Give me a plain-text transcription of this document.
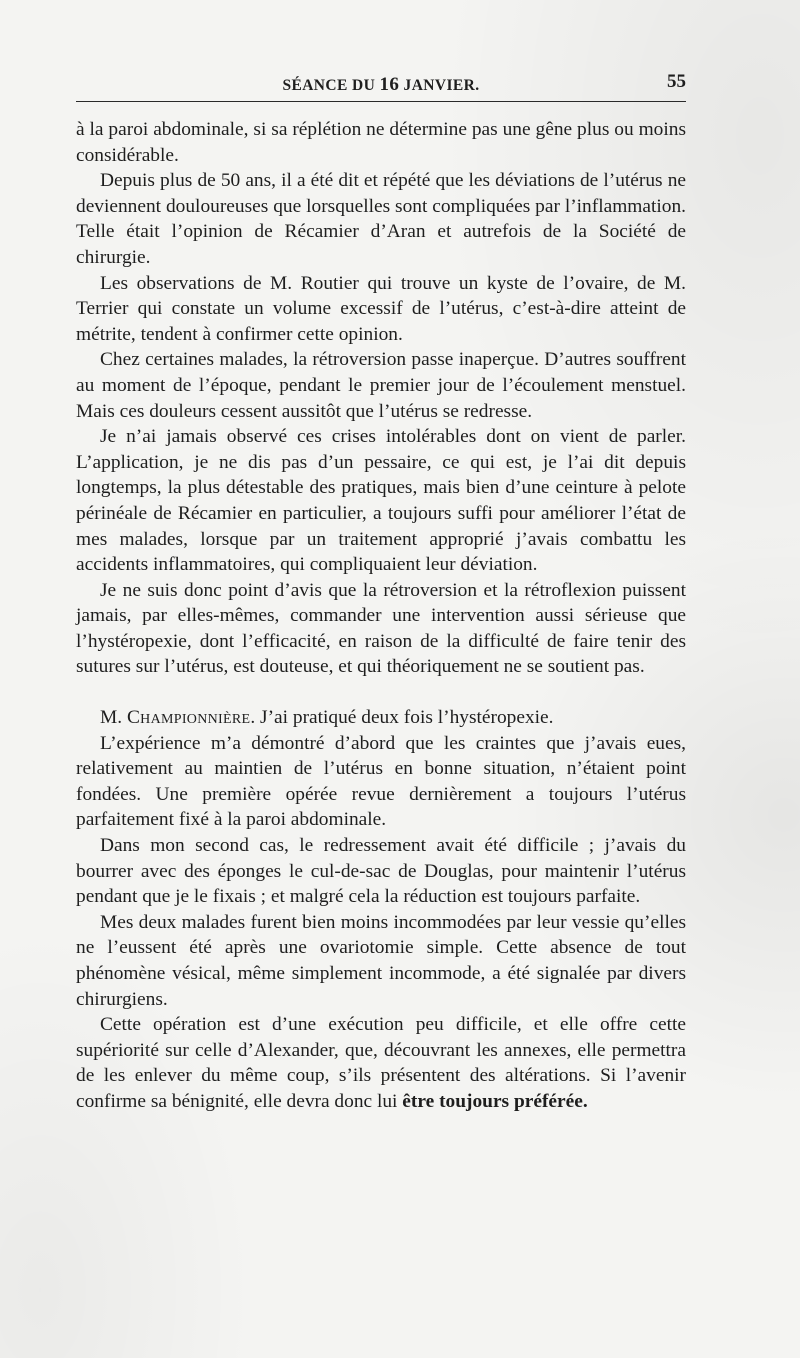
SÉANCE DU 16 JANVIER.	55

à la paroi abdominale, si sa réplétion ne détermine pas une gêne plus ou moins considérable.

Depuis plus de 50 ans, il a été dit et répété que les déviations de l’utérus ne deviennent douloureuses que lorsquelles sont compliquées par l’inflammation. Telle était l’opinion de Récamier d’Aran et autrefois de la Société de chirurgie.

Les observations de M. Routier qui trouve un kyste de l’ovaire, de M. Terrier qui constate un volume excessif de l’utérus, c’est-à-dire atteint de métrite, tendent à confirmer cette opinion.

Chez certaines malades, la rétroversion passe inaperçue. D’autres souffrent au moment de l’époque, pendant le premier jour de l’écoulement menstuel. Mais ces douleurs cessent aussitôt que l’utérus se redresse.

Je n’ai jamais observé ces crises intolérables dont on vient de parler. L’application, je ne dis pas d’un pessaire, ce qui est, je l’ai dit depuis longtemps, la plus détestable des pratiques, mais bien d’une ceinture à pelote périnéale de Récamier en particulier, a toujours suffi pour améliorer l’état de mes malades, lorsque par un traitement approprié j’avais combattu les accidents inflammatoires, qui compliquaient leur déviation.

Je ne suis donc point d’avis que la rétroversion et la rétroflexion puissent jamais, par elles-mêmes, commander une intervention aussi sérieuse que l’hystéropexie, dont l’efficacité, en raison de la difficulté de faire tenir des sutures sur l’utérus, est douteuse, et qui théoriquement ne se soutient pas.

M. Championnière. J’ai pratiqué deux fois l’hystéropexie.

L’expérience m’a démontré d’abord que les craintes que j’avais eues, relativement au maintien de l’utérus en bonne situation, n’étaient point fondées. Une première opérée revue dernièrement a toujours l’utérus parfaitement fixé à la paroi abdominale.

Dans mon second cas, le redressement avait été difficile ; j’avais du bourrer avec des éponges le cul-de-sac de Douglas, pour maintenir l’utérus pendant que je le fixais ; et malgré cela la réduction est toujours parfaite.

Mes deux malades furent bien moins incommodées par leur vessie qu’elles ne l’eussent été après une ovariotomie simple. Cette absence de tout phénomène vésical, même simplement incommode, a été signalée par divers chirurgiens.

Cette opération est d’une exécution peu difficile, et elle offre cette supériorité sur celle d’Alexander, que, découvrant les annexes, elle permettra de les enlever du même coup, s’ils présentent des altérations. Si l’avenir confirme sa bénignité, elle devra donc lui être toujours préférée.
